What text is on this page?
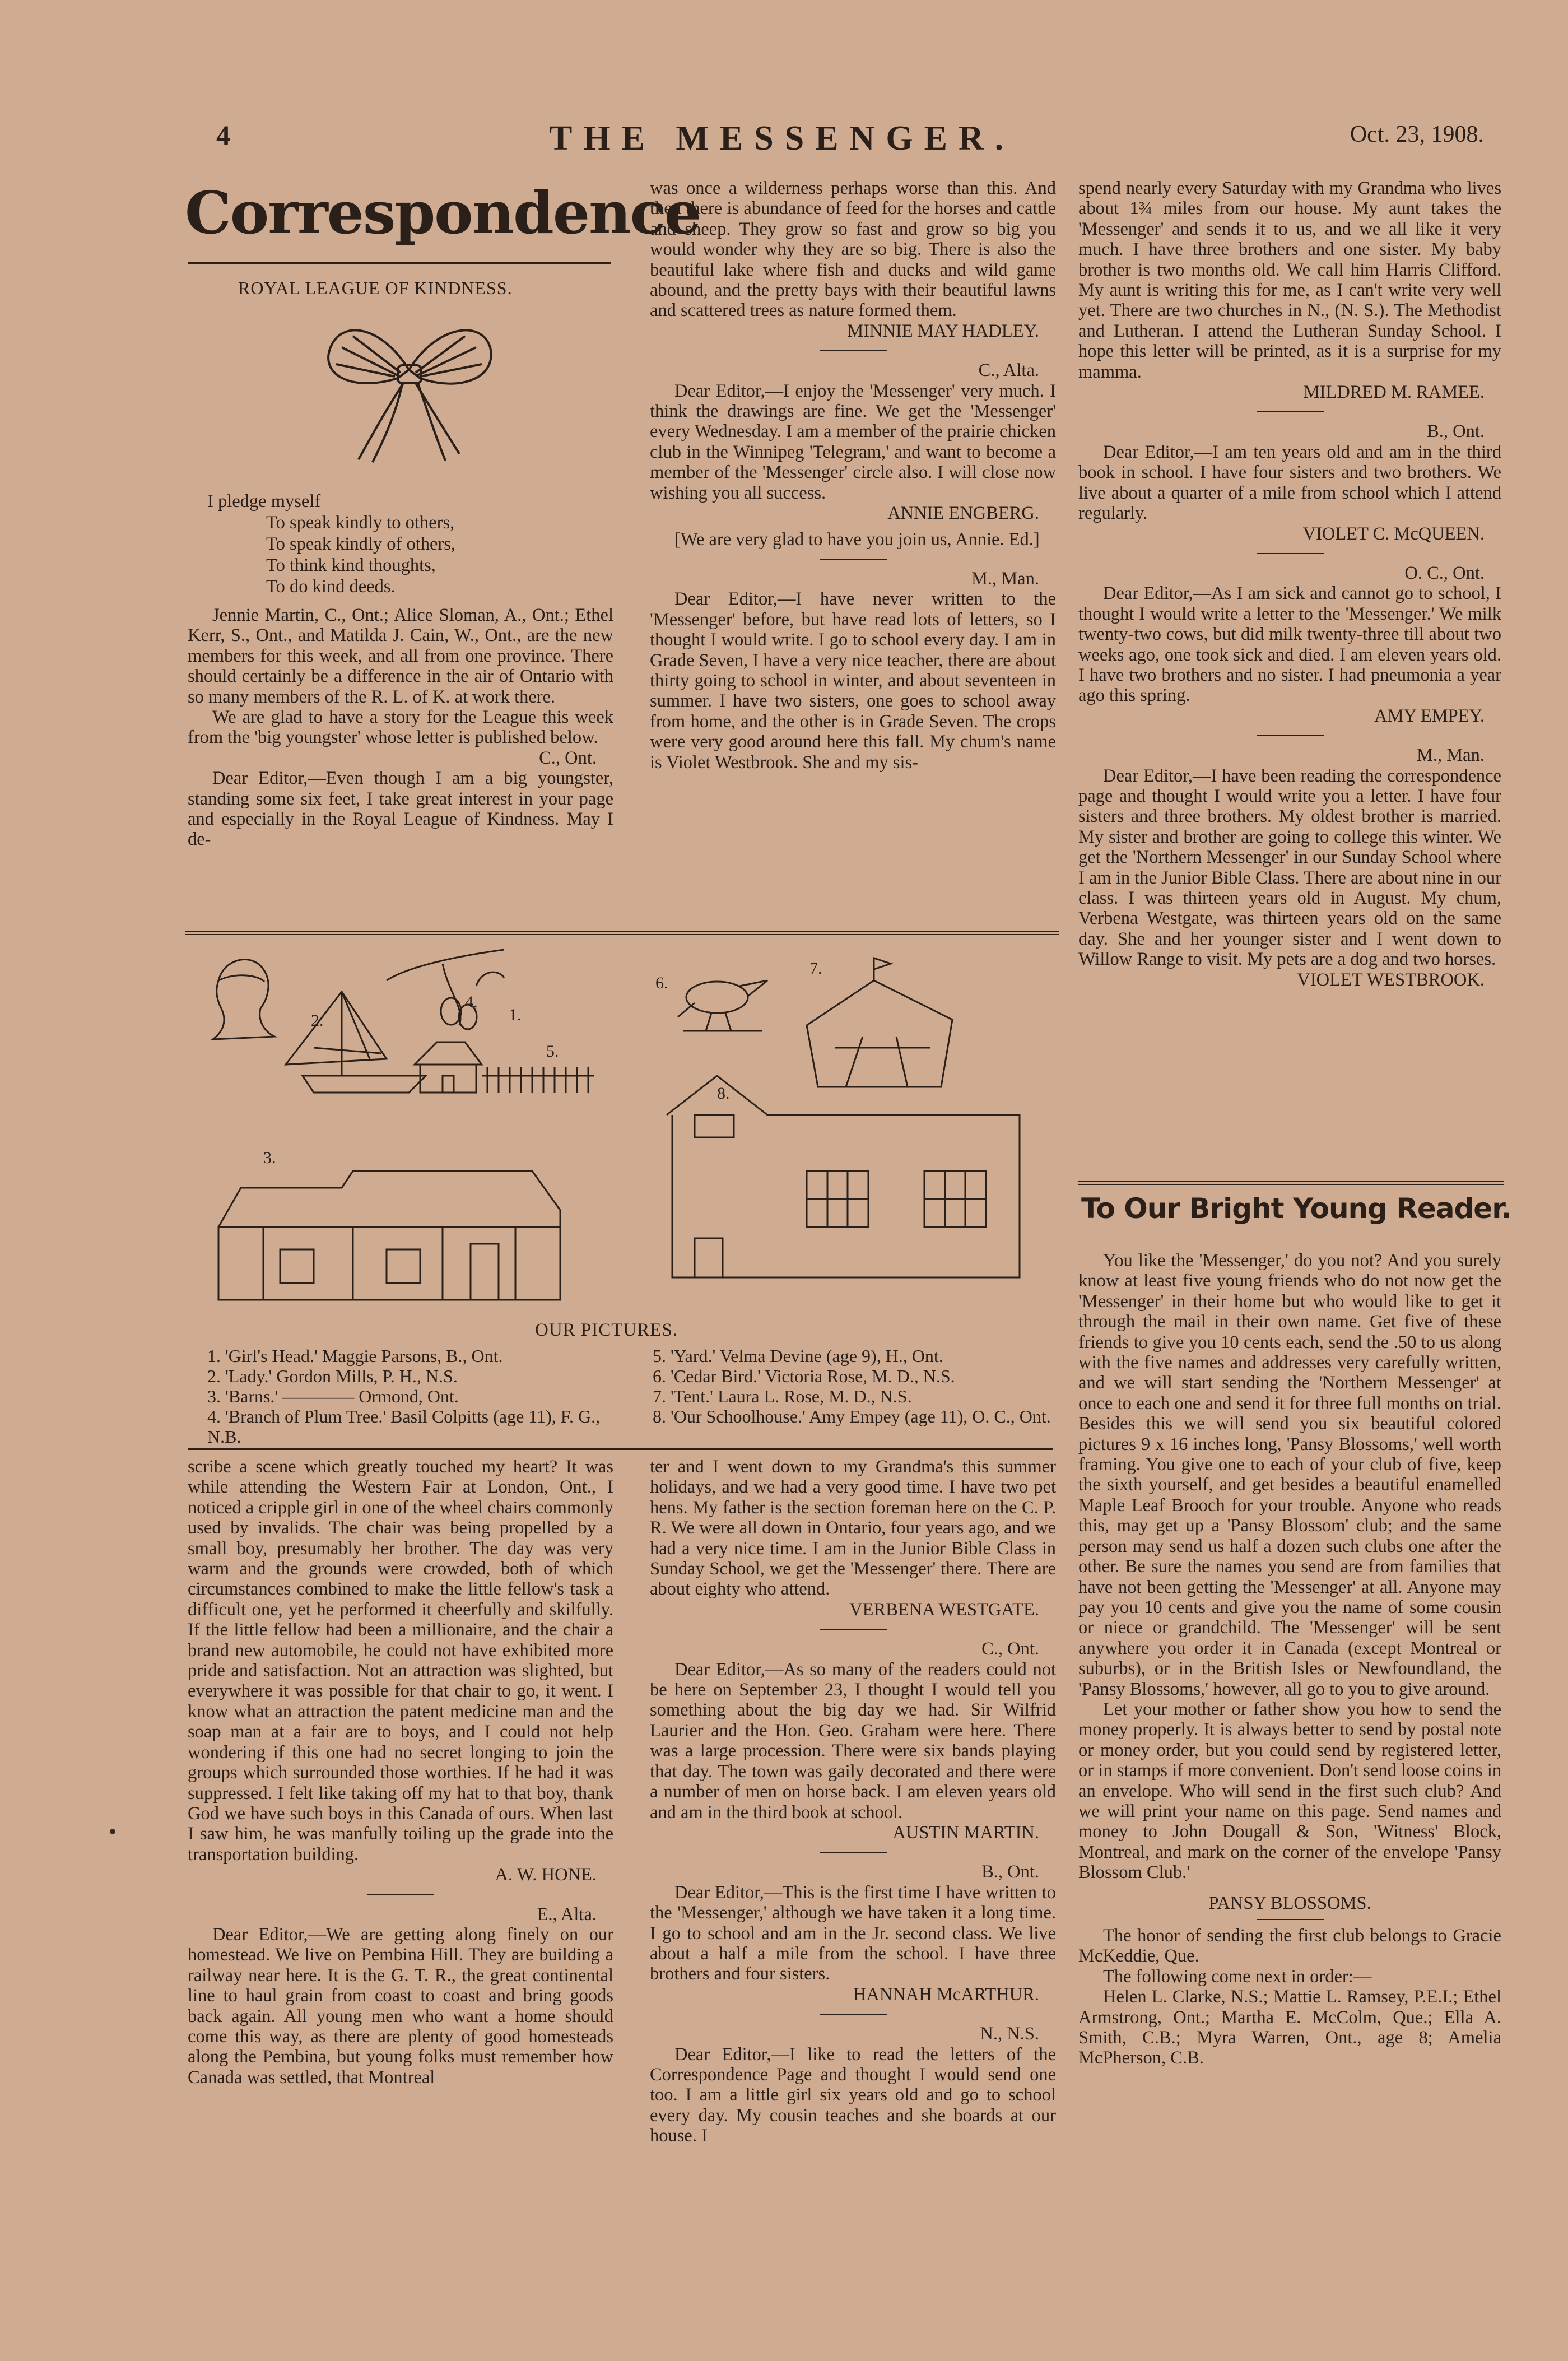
4	THE MESSENGER.	Oct. 23, 1908.
Correspondence
ROYAL LEAGUE OF KINDNESS.
I pledge myself
To speak kindly to others,
To speak kindly of others,
To think kind thoughts,
To do kind deeds.

Jennie Martin, C., Ont.; Alice Sloman, A., Ont.; Ethel Kerr, S., Ont., and Matilda J. Cain, W., Ont., are the new members for this week, and all from one province. There should certainly be a difference in the air of Ontario with so many members of the R. L. of K. at work there.

We are glad to have a story for the League this week from the 'big youngster' whose letter is published below.

C., Ont.

Dear Editor,—Even though I am a big youngster, standing some six feet, I take great interest in your page and especially in the Royal League of Kindness. May I de-

was once a wilderness perhaps worse than this. And then there is abundance of feed for the horses and cattle and sheep. They grow so fast and grow so big you would wonder why they are so big. There is also the beautiful lake where fish and ducks and wild game abound, and the pretty bays with their beautiful lawns and scattered trees as nature formed them.

MINNIE MAY HADLEY.
C., Alta.

Dear Editor,—I enjoy the 'Messenger' very much. I think the drawings are fine. We get the 'Messenger' every Wednesday. I am a member of the prairie chicken club in the Winnipeg 'Telegram,' and want to become a member of the 'Messenger' circle also. I will close now wishing you all success.

ANNIE ENGBERG.

[We are very glad to have you join us, Annie. Ed.]

M., Man.

Dear Editor,—I have never written to the 'Messenger' before, but have read lots of letters, so I thought I would write. I go to school every day. I am in Grade Seven, I have a very nice teacher, there are about thirty going to school in winter, and about seventeen in summer. I have two sisters, one goes to school away from home, and the other is in Grade Seven. The crops were very good around here this fall. My chum's name is Violet Westbrook. She and my sis-

spend nearly every Saturday with my Grandma who lives about 1¾ miles from our house. My aunt takes the 'Messenger' and sends it to us, and we all like it very much. I have three brothers and one sister. My baby brother is two months old. We call him Harris Clifford. My aunt is writing this for me, as I can't write very well yet. There are two churches in N., (N. S.). The Methodist and Lutheran. I attend the Lutheran Sunday School. I hope this letter will be printed, as it is a surprise for my mamma.

MILDRED M. RAMEE.
B., Ont.

Dear Editor,—I am ten years old and am in the third book in school. I have four sisters and two brothers. We live about a quarter of a mile from school which I attend regularly.

VIOLET C. McQUEEN.
O. C., Ont.

Dear Editor,—As I am sick and cannot go to school, I thought I would write a letter to the 'Messenger.' We milk twenty-two cows, but did milk twenty-three till about two weeks ago, one took sick and died. I am eleven years old. I have two brothers and no sister. I had pneumonia a year ago this spring.

AMY EMPEY.
M., Man.

Dear Editor,—I have been reading the correspondence page and thought I would write you a letter. I have four sisters and three brothers. My oldest brother is married. My sister and brother are going to college this winter. We get the 'Northern Messenger' in our Sunday School where I am in the Junior Bible Class. There are about nine in our class. I was thirteen years old in August. My chum, Verbena Westgate, was thirteen years old on the same day. She and her younger sister and I went down to Willow Range to visit. My pets are a dog and two horses.

VIOLET WESTBROOK.
1.
2.
3.
4.
5.
6.
7.
8.
OUR PICTURES.
1. 'Girl's Head.' Maggie Parsons, B., Ont.
2. 'Lady.' Gordon Mills, P. H., N.S.
3. 'Barns.' ———— Ormond, Ont.
4. 'Branch of Plum Tree.' Basil Colpitts (age 11), F. G., N.B.
5. 'Yard.' Velma Devine (age 9), H., Ont.
6. 'Cedar Bird.' Victoria Rose, M. D., N.S.
7. 'Tent.' Laura L. Rose, M. D., N.S.
8. 'Our Schoolhouse.' Amy Empey (age 11), O. C., Ont.

scribe a scene which greatly touched my heart? It was while attending the Western Fair at London, Ont., I noticed a cripple girl in one of the wheel chairs commonly used by invalids. The chair was being propelled by a small boy, presumably her brother. The day was very warm and the grounds were crowded, both of which circumstances combined to make the little fellow's task a difficult one, yet he performed it cheerfully and skilfully. If the little fellow had been a millionaire, and the chair a brand new automobile, he could not have exhibited more pride and satisfaction. Not an attraction was slighted, but everywhere it was possible for that chair to go, it went. I know what an attraction the patent medicine man and the soap man at a fair are to boys, and I could not help wondering if this one had no secret longing to join the groups which surrounded those worthies. If he had it was suppressed. I felt like taking off my hat to that boy, thank God we have such boys in this Canada of ours. When last I saw him, he was manfully toiling up the grade into the transportation building.

A. W. HONE.
E., Alta.

Dear Editor,—We are getting along finely on our homestead. We live on Pembina Hill. They are building a railway near here. It is the G. T. R., the great continental line to haul grain from coast to coast and bring goods back again. All young men who want a home should come this way, as there are plenty of good homesteads along the Pembina, but young folks must remember how Canada was settled, that Montreal

ter and I went down to my Grandma's this summer holidays, and we had a very good time. I have two pet hens. My father is the section foreman here on the C. P. R. We were all down in Ontario, four years ago, and we had a very nice time. I am in the Junior Bible Class in Sunday School, we get the 'Messenger' there. There are about eighty who attend.

VERBENA WESTGATE.
C., Ont.

Dear Editor,—As so many of the readers could not be here on September 23, I thought I would tell you something about the big day we had. Sir Wilfrid Laurier and the Hon. Geo. Graham were here. There was a large procession. There were six bands playing that day. The town was gaily decorated and there were a number of men on horse back. I am eleven years old and am in the third book at school.

AUSTIN MARTIN.
B., Ont.

Dear Editor,—This is the first time I have written to the 'Messenger,' although we have taken it a long time. I go to school and am in the Jr. second class. We live about a half a mile from the school. I have three brothers and four sisters.

HANNAH McARTHUR.
N., N.S.

Dear Editor,—I like to read the letters of the Correspondence Page and thought I would send one too. I am a little girl six years old and go to school every day. My cousin teaches and she boards at our house. I

To Our Bright Young Reader.

You like the 'Messenger,' do you not? And you surely know at least five young friends who do not now get the 'Messenger' in their home but who would like to get it through the mail in their own name. Get five of these friends to give you 10 cents each, send the .50 to us along with the five names and addresses very carefully written, and we will start sending the 'Northern Messenger' at once to each one and send it for three full months on trial. Besides this we will send you six beautiful colored pictures 9 x 16 inches long, 'Pansy Blossoms,' well worth framing. You give one to each of your club of five, keep the sixth yourself, and get besides a beautiful enamelled Maple Leaf Brooch for your trouble. Anyone who reads this, may get up a 'Pansy Blossom' club; and the same person may send us half a dozen such clubs one after the other. Be sure the names you send are from families that have not been getting the 'Messenger' at all. Anyone may pay you 10 cents and give you the name of some cousin or niece or grandchild. The 'Messenger' will be sent anywhere you order it in Canada (except Montreal or suburbs), or in the British Isles or Newfoundland, the 'Pansy Blossoms,' however, all go to you to give around.

Let your mother or father show you how to send the money properly. It is always better to send by postal note or money order, but you could send by registered letter, or in stamps if more convenient. Don't send loose coins in an envelope. Who will send in the first such club? And we will print your name on this page. Send names and money to John Dougall & Son, 'Witness' Block, Montreal, and mark on the corner of the envelope 'Pansy Blossom Club.'

PANSY BLOSSOMS.

The honor of sending the first club belongs to Gracie McKeddie, Que.

The following come next in order:—

Helen L. Clarke, N.S.; Mattie L. Ramsey, P.E.I.; Ethel Armstrong, Ont.; Martha E. McColm, Que.; Ella A. Smith, C.B.; Myra Warren, Ont., age 8; Amelia McPherson, C.B.
